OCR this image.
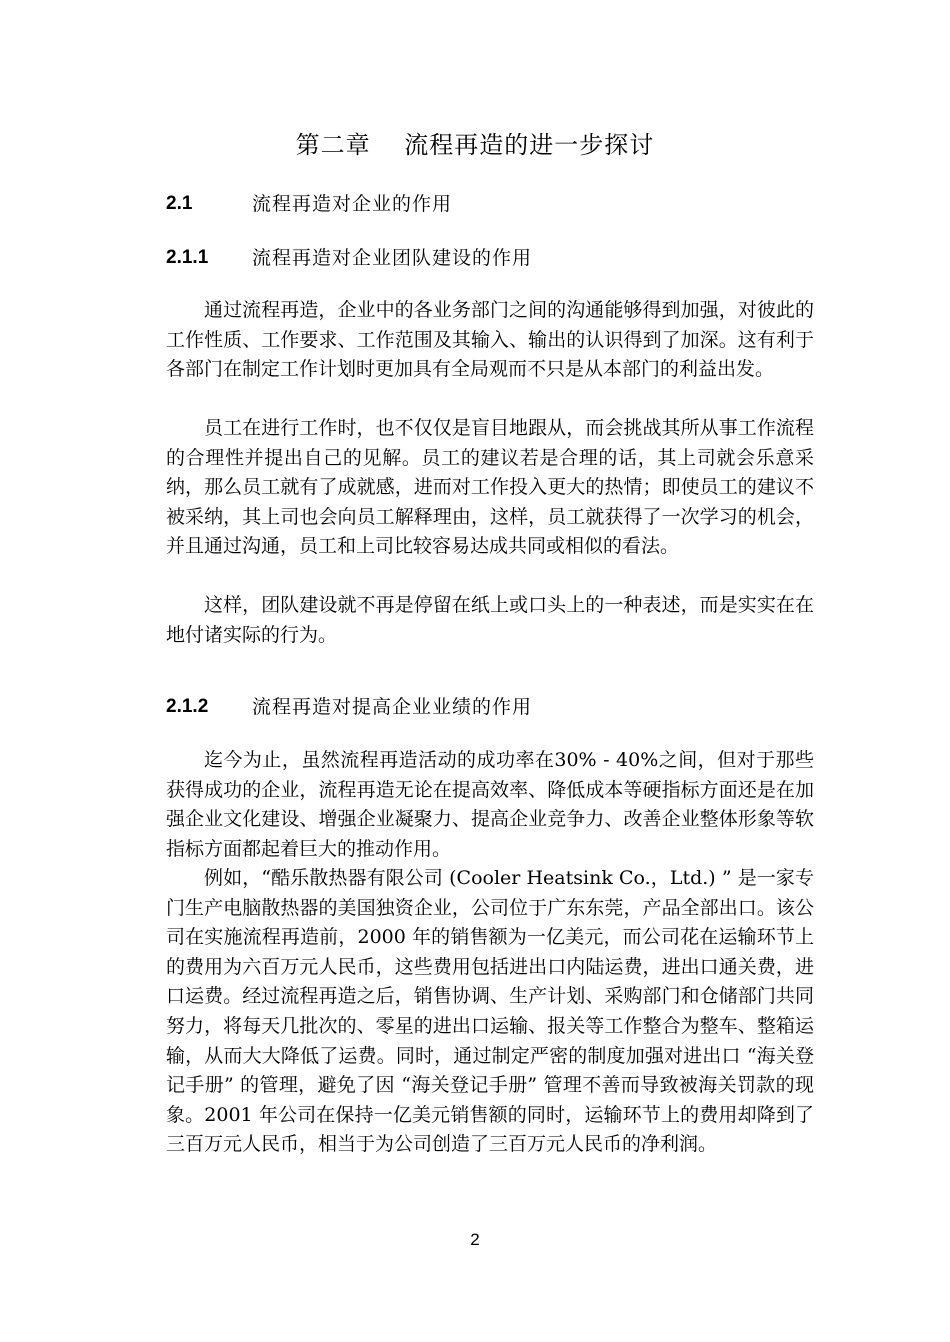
第二章　 流程再造的进一步探讨
2.1	流程再造对企业的作用
2.1.1 流程再造对企业团队建设的作用

通过流程再造，企业中的各业务部门之间的沟通能够得到加强，对彼此的工作性质、工作要求、工作范围及其输入、输出的认识得到了加深。这有利于各部门在制定工作计划时更加具有全局观而不只是从本部门的利益出发。

员工在进行工作时，也不仅仅是盲目地跟从，而会挑战其所从事工作流程的合理性并提出自己的见解。员工的建议若是合理的话，其上司就会乐意采纳，那么员工就有了成就感，进而对工作投入更大的热情；即使员工的建议不被采纳，其上司也会向员工解释理由，这样，员工就获得了一次学习的机会，并且通过沟通，员工和上司比较容易达成共同或相似的看法。

这样，团队建设就不再是停留在纸上或口头上的一种表述，而是实实在在地付诸实际的行为。

2.1.2 流程再造对提高企业业绩的作用

迄今为止，虽然流程再造活动的成功率在30% - 40%之间，但对于那些获得成功的企业，流程再造无论在提高效率、降低成本等硬指标方面还是在加强企业文化建设、增强企业凝聚力、提高企业竞争力、改善企业整体形象等软指标方面都起着巨大的推动作用。

例如，“酷乐散热器有限公司 (Cooler Heatsink Co.，Ltd.) ” 是一家专门生产电脑散热器的美国独资企业，公司位于广东东莞，产品全部出口。该公司在实施流程再造前，2000 年的销售额为一亿美元，而公司花在运输环节上的费用为六百万元人民币，这些费用包括进出口内陆运费，进出口通关费，进口运费。经过流程再造之后，销售协调、生产计划、采购部门和仓储部门共同努力，将每天几批次的、零星的进出口运输、报关等工作整合为整车、整箱运输，从而大大降低了运费。同时，通过制定严密的制度加强对进出口 “海关登记手册” 的管理，避免了因 “海关登记手册” 管理不善而导致被海关罚款的现象。2001 年公司在保持一亿美元销售额的同时，运输环节上的费用却降到了三百万元人民币，相当于为公司创造了三百万元人民币的净利润。

2
